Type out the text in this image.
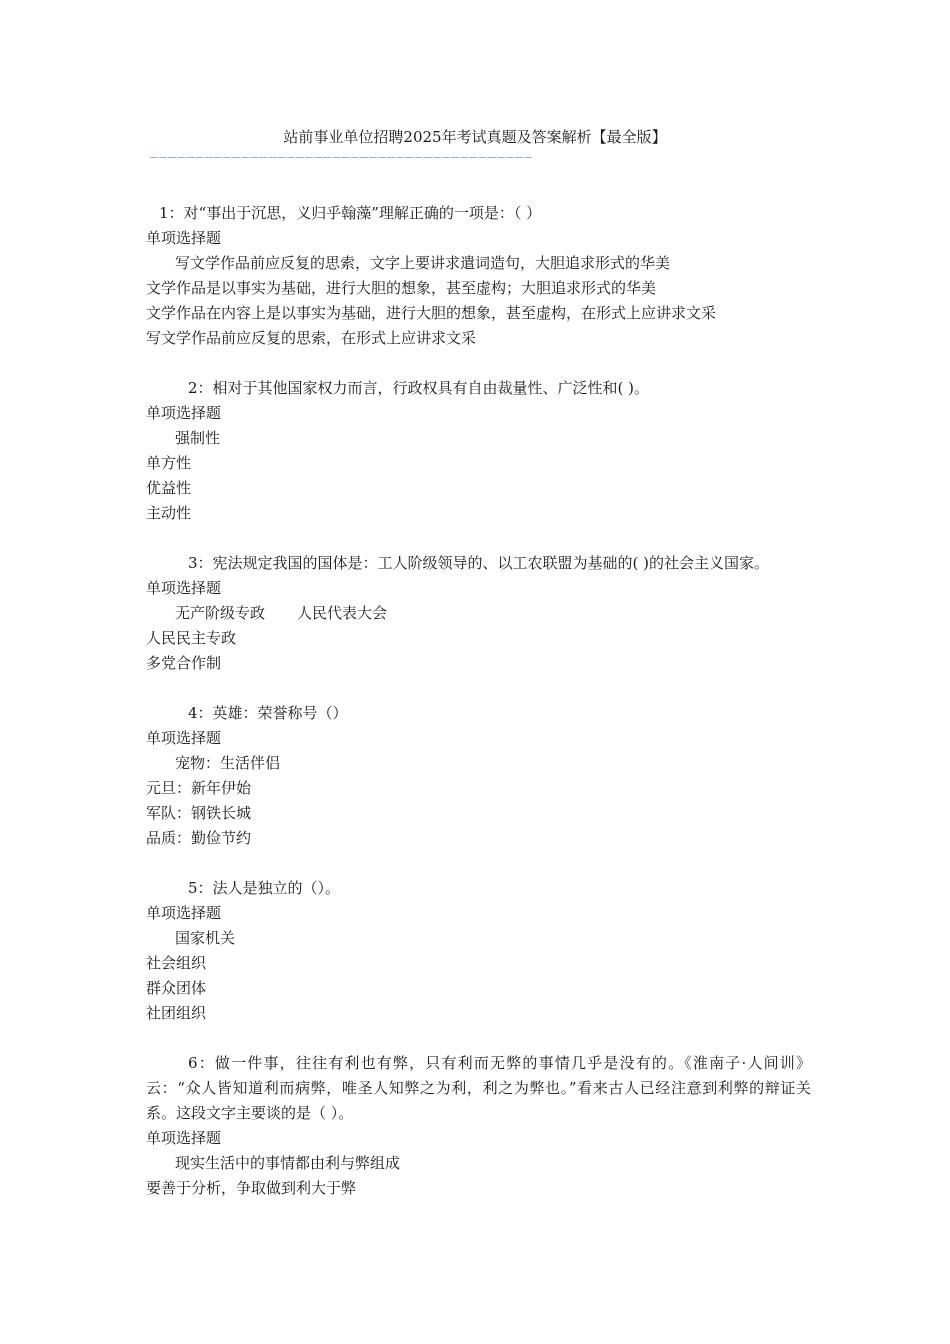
站前事业单位招聘2025年考试真题及答案解析【最全版】
——————————————————————————————————————————
1：对“事出于沉思，义归乎翰藻”理解正确的一项是：（ ）
单项选择题
写文学作品前应反复的思索，文字上要讲求遣词造句，大胆追求形式的华美
文学作品是以事实为基础，进行大胆的想象，甚至虚构；大胆追求形式的华美
文学作品在内容上是以事实为基础，进行大胆的想象，甚至虚构，在形式上应讲求文采
写文学作品前应反复的思索，在形式上应讲求文采
2：相对于其他国家权力而言，行政权具有自由裁量性、广泛性和( )。
单项选择题
强制性
单方性
优益性
主动性
3：宪法规定我国的国体是：工人阶级领导的、以工农联盟为基础的( )的社会主义国家。
单项选择题
无产阶级专政 人民代表大会
人民民主专政
多党合作制
4：英雄：荣誉称号（）
单项选择题
宠物：生活伴侣
元旦：新年伊始
军队：钢铁长城
品质：勤俭节约
5：法人是独立的（）。
单项选择题
国家机关
社会组织
群众团体
社团组织
6：做一件事，往往有利也有弊，只有利而无弊的事情几乎是没有的。《淮南子·人间训》云：“众人皆知道利而病弊，唯圣人知弊之为利，利之为弊也。”看来古人已经注意到利弊的辩证关系。这段文字主要谈的是（ ）。
单项选择题
现实生活中的事情都由利与弊组成
要善于分析，争取做到利大于弊
